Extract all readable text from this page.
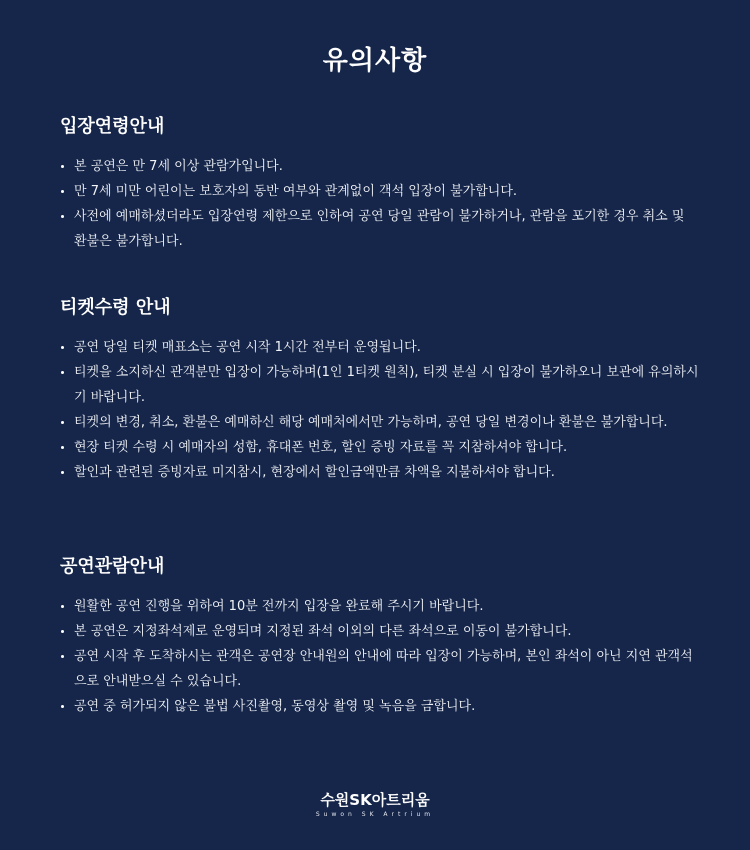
유의사항
입장연령안내
본 공연은 만 7세 이상 관람가입니다.
만 7세 미만 어린이는 보호자의 동반 여부와 관계없이 객석 입장이 불가합니다.
사전에 예매하셨더라도 입장연령 제한으로 인하여 공연 당일 관람이 불가하거나, 관람을 포기한 경우 취소 및 환불은 불가합니다.
티켓수령 안내
공연 당일 티켓 매표소는 공연 시작 1시간 전부터 운영됩니다.
티켓을 소지하신 관객분만 입장이 가능하며(1인 1티켓 원칙), 티켓 분실 시 입장이 불가하오니 보관에 유의하시기 바랍니다.
티켓의 변경, 취소, 환불은 예매하신 해당 예매처에서만 가능하며, 공연 당일 변경이나 환불은 불가합니다.
현장 티켓 수령 시 예매자의 성함, 휴대폰 번호, 할인 증빙 자료를 꼭 지참하셔야 합니다.
할인과 관련된 증빙자료 미지참시, 현장에서 할인금액만큼 차액을 지불하셔야 합니다.
공연관람안내
원활한 공연 진행을 위하여 10분 전까지 입장을 완료해 주시기 바랍니다.
본 공연은 지정좌석제로 운영되며 지정된 좌석 이외의 다른 좌석으로 이동이 불가합니다.
공연 시작 후 도착하시는 관객은 공연장 안내원의 안내에 따라 입장이 가능하며, 본인 좌석이 아닌 지연 관객석으로 안내받으실 수 있습니다.
공연 중 허가되지 않은 불법 사진촬영, 동영상 촬영 및 녹음을 금합니다.
수원SK아트리움
Suwon SK Artrium
